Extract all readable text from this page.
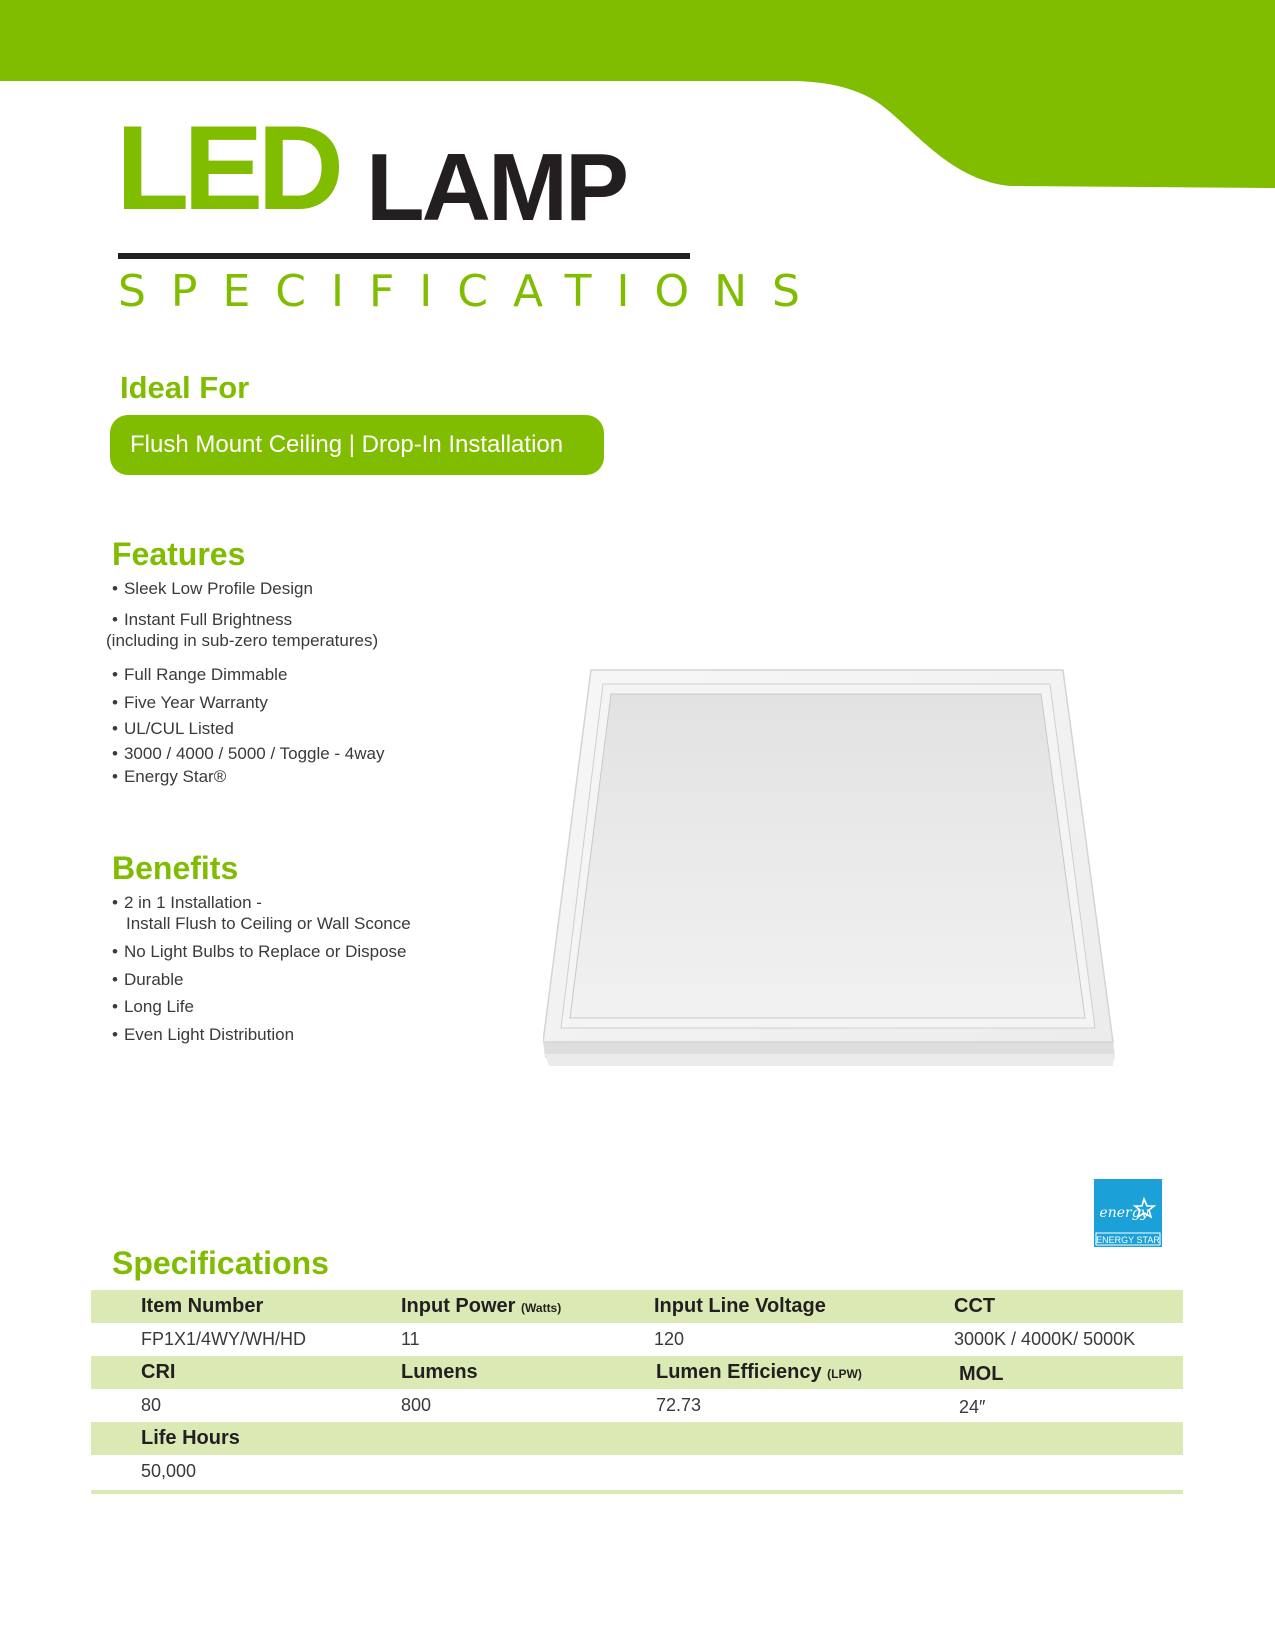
LED LAMP
SPECIFICATIONS
Ideal For
Flush Mount Ceiling | Drop-In Installation
Features
• Sleek Low Profile Design
• Instant Full Brightness
(including in sub-zero temperatures)
• Full Range Dimmable
• Five Year Warranty
• UL/CUL Listed
• 3000 / 4000 / 5000 / Toggle - 4way
• Energy Star®
Benefits
• 2 in 1 Installation -
Install Flush to Ceiling or Wall Sconce
• No Light Bulbs to Replace or Dispose
• Durable
• Long Life
• Even Light Distribution
energy
ENERGY STAR
Specifications
Item Number	Input Power (Watts)	Input Line Voltage	CCT
FP1X1/4WY/WH/HD	11	120	3000K / 4000K/ 5000K
CRI	Lumens	Lumen Efficiency (LPW)	MOL
80	800	72.73	24″
Life Hours
50,000
